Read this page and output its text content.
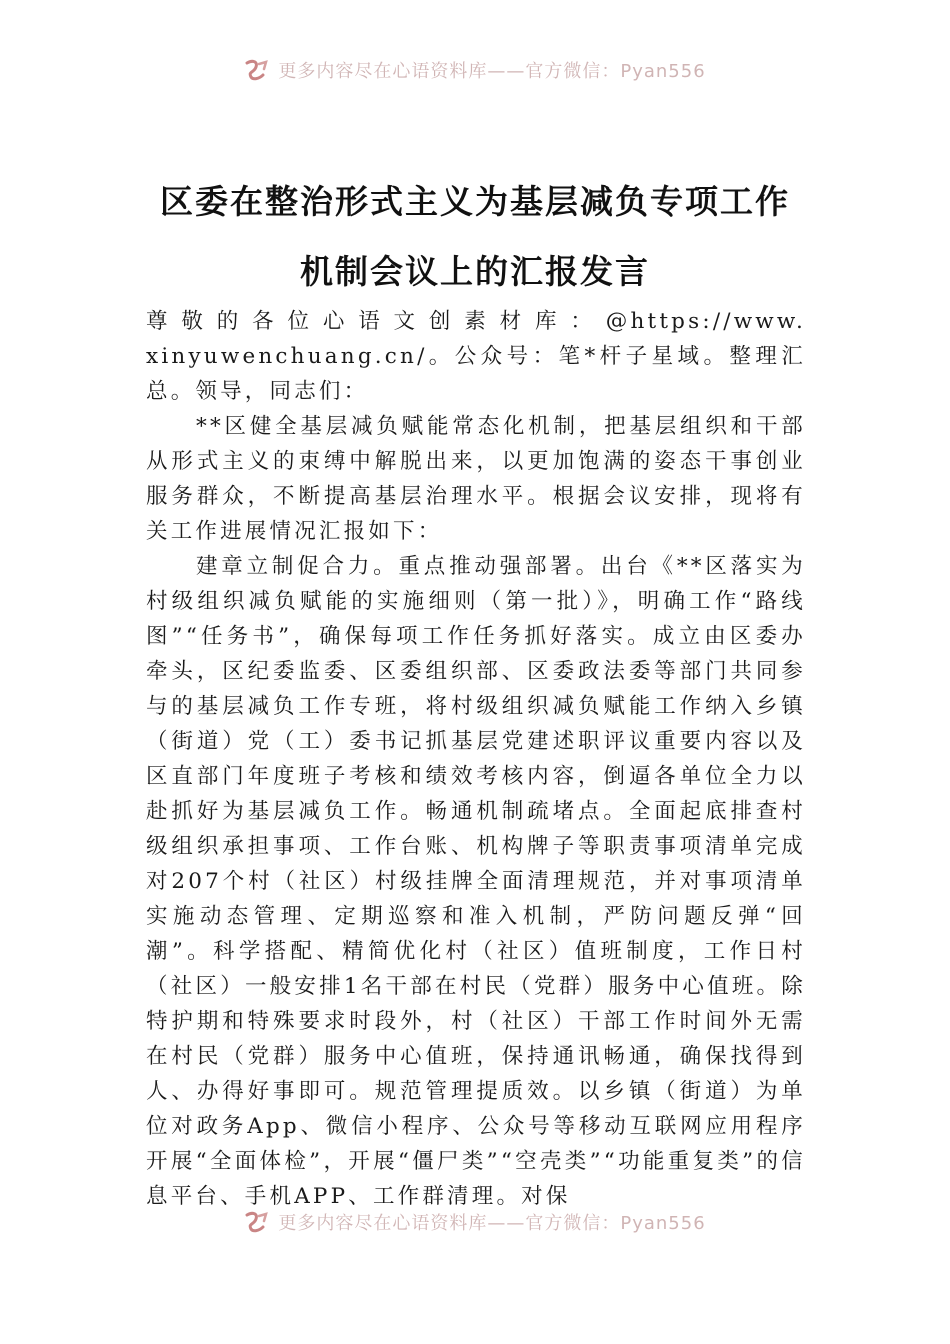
更多内容尽在心语资料库——官方微信：Pyan556
区委在整治形式主义为基层减负专项工作
机制会议上的汇报发言

尊 敬 的 各 位 心 语 文 创 素 材 库 ： @https://www.xinyuwenchuang.cn/。公众号：笔*杆子星域。整理汇总。领导，同志们：

**区健全基层减负赋能常态化机制，把基层组织和干部从形式主义的束缚中解脱出来，以更加饱满的姿态干事创业服务群众，不断提高基层治理水平。根据会议安排，现将有关工作进展情况汇报如下：

建章立制促合力。重点推动强部署。出台《**区落实为村级组织减负赋能的实施细则（第一批）》，明确工作“路线图”“任务书”，确保每项工作任务抓好落实。成立由区委办牵头，区纪委监委、区委组织部、区委政法委等部门共同参与的基层减负工作专班，将村级组织减负赋能工作纳入乡镇（街道）党（工）委书记抓基层党建述职评议重要内容以及区直部门年度班子考核和绩效考核内容，倒逼各单位全力以赴抓好为基层减负工作。畅通机制疏堵点。全面起底排查村级组织承担事项、工作台账、机构牌子等职责事项清单完成对207个村（社区）村级挂牌全面清理规范，并对事项清单实施动态管理、定期巡察和准入机制，严防问题反弹“回潮”。科学搭配、精简优化村（社区）值班制度，工作日村（社区）一般安排1名干部在村民（党群）服务中心值班。除特护期和特殊要求时段外，村（社区）干部工作时间外无需在村民（党群）服务中心值班，保持通讯畅通，确保找得到人、办得好事即可。规范管理提质效。以乡镇（街道）为单位对政务App、微信小程序、公众号等移动互联网应用程序开展“全面体检”，开展“僵尸类”“空壳类”“功能重复类”的信息平台、手机APP、工作群清理。对保

更多内容尽在心语资料库——官方微信：Pyan556
